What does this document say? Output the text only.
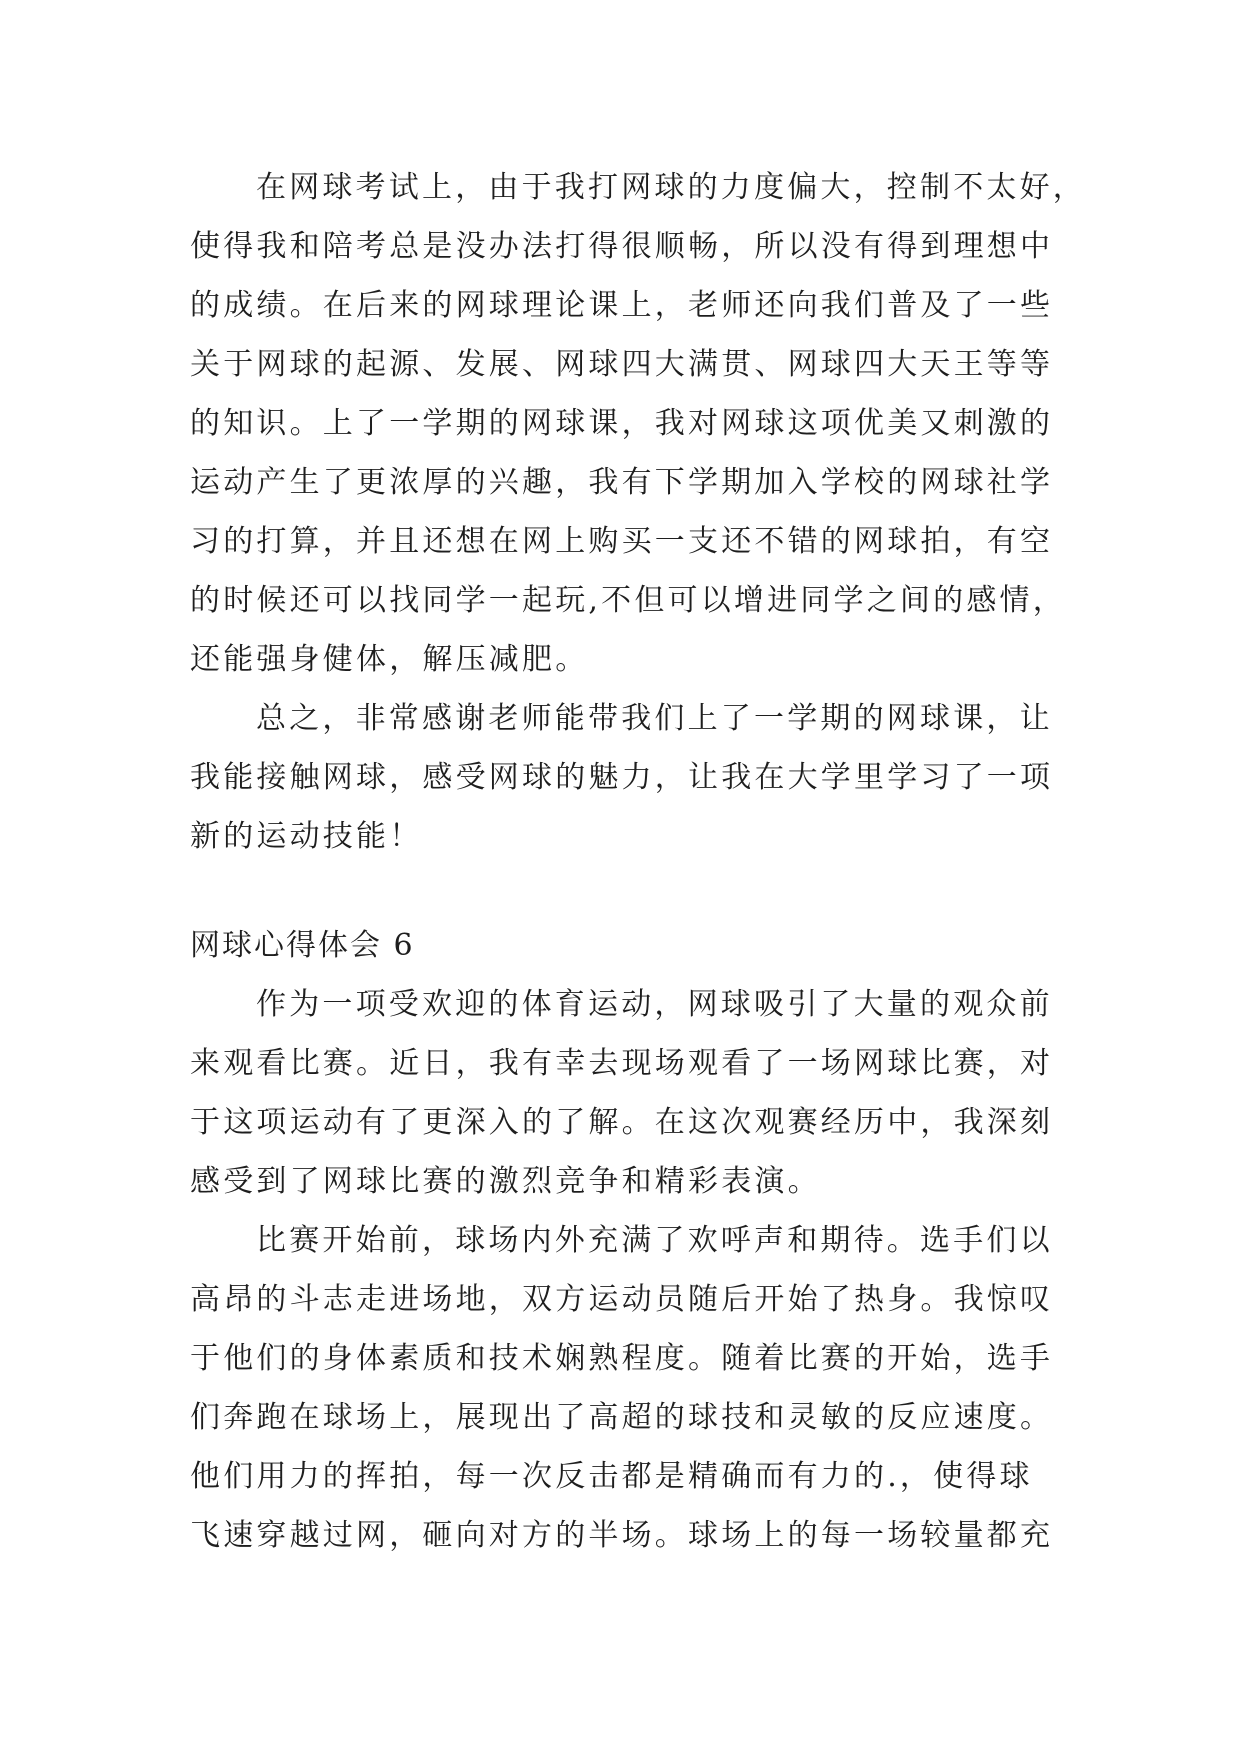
在网球考试上，由于我打网球的力度偏大，控制不太好，
使得我和陪考总是没办法打得很顺畅，所以没有得到理想中
的成绩。在后来的网球理论课上，老师还向我们普及了一些
关于网球的起源、发展、网球四大满贯、网球四大天王等等
的知识。上了一学期的网球课，我对网球这项优美又刺激的
运动产生了更浓厚的兴趣，我有下学期加入学校的网球社学
习的打算，并且还想在网上购买一支还不错的网球拍，有空
的时候还可以找同学一起玩,不但可以增进同学之间的感情，
还能强身健体，解压减肥。
总之，非常感谢老师能带我们上了一学期的网球课，让
我能接触网球，感受网球的魅力，让我在大学里学习了一项
新的运动技能！
网球心得体会 6
作为一项受欢迎的体育运动，网球吸引了大量的观众前
来观看比赛。近日，我有幸去现场观看了一场网球比赛，对
于这项运动有了更深入的了解。在这次观赛经历中，我深刻
感受到了网球比赛的激烈竞争和精彩表演。
比赛开始前，球场内外充满了欢呼声和期待。选手们以
高昂的斗志走进场地，双方运动员随后开始了热身。我惊叹
于他们的身体素质和技术娴熟程度。随着比赛的开始，选手
们奔跑在球场上，展现出了高超的球技和灵敏的反应速度。
他们用力的挥拍，每一次反击都是精确而有力的.，使得球
飞速穿越过网，砸向对方的半场。球场上的每一场较量都充
